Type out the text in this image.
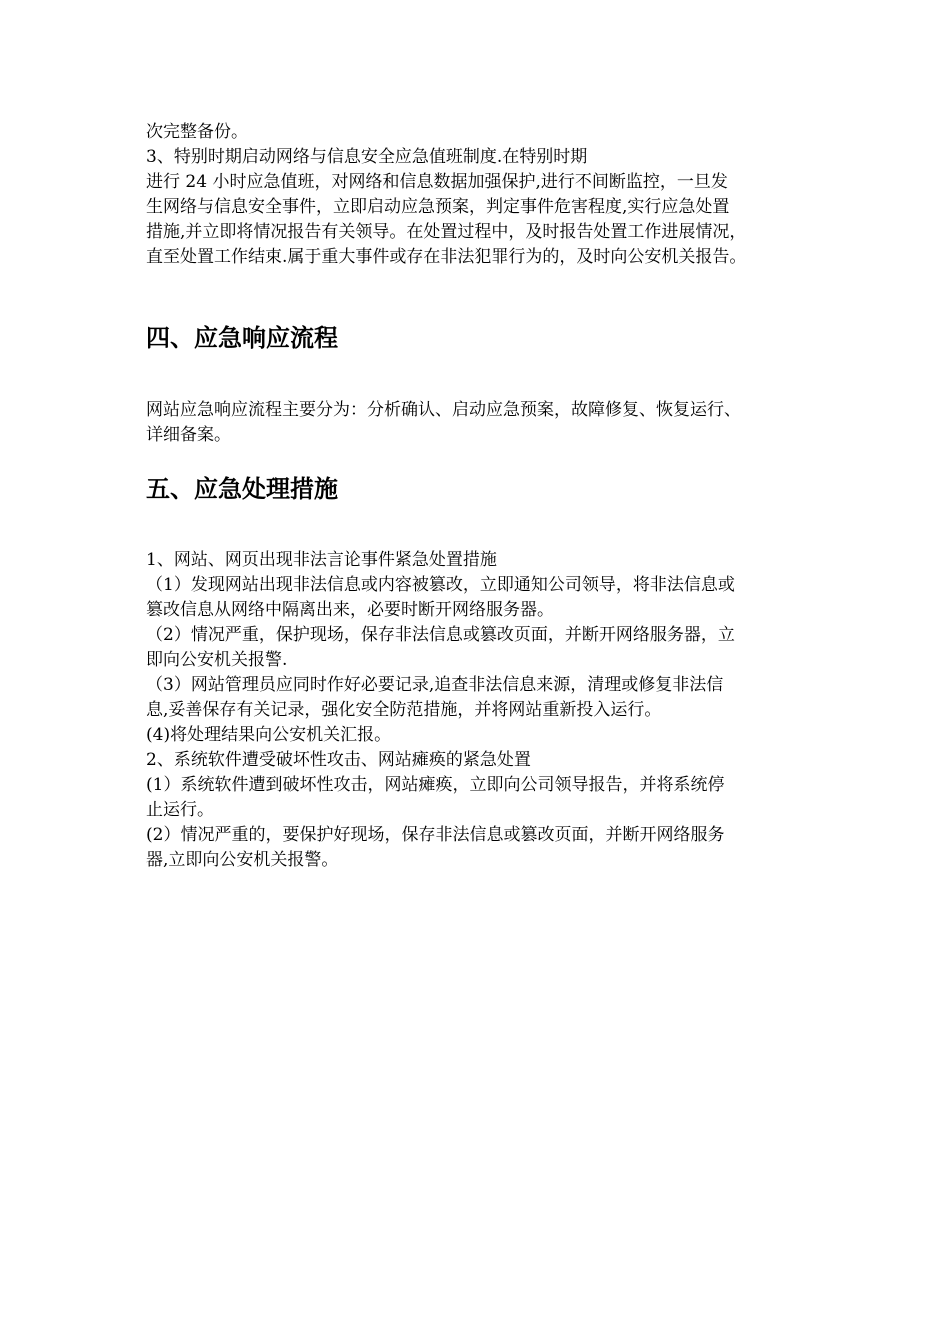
次完整备份。

3、特别时期启动网络与信息安全应急值班制度.在特别时期

进行 24 小时应急值班，对网络和信息数据加强保护,进行不间断监控，一旦发

生网络与信息安全事件，立即启动应急预案，判定事件危害程度,实行应急处置

措施,并立即将情况报告有关领导。在处置过程中，及时报告处置工作进展情况，

直至处置工作结束.属于重大事件或存在非法犯罪行为的，及时向公安机关报告。

四、应急响应流程

网站应急响应流程主要分为：分析确认、启动应急预案，故障修复、恢复运行、

详细备案。

五、应急处理措施

1、网站、网页出现非法言论事件紧急处置措施

（1）发现网站出现非法信息或内容被篡改，立即通知公司领导，将非法信息或

篡改信息从网络中隔离出来，必要时断开网络服务器。

（2）情况严重，保护现场，保存非法信息或篡改页面，并断开网络服务器，立

即向公安机关报警.

（3）网站管理员应同时作好必要记录,追查非法信息来源，清理或修复非法信

息,妥善保存有关记录，强化安全防范措施，并将网站重新投入运行。

(4)将处理结果向公安机关汇报。

2、系统软件遭受破坏性攻击、网站瘫痪的紧急处置

(1）系统软件遭到破坏性攻击，网站瘫痪，立即向公司领导报告，并将系统停

止运行。

(2）情况严重的，要保护好现场，保存非法信息或篡改页面，并断开网络服务

器,立即向公安机关报警。
